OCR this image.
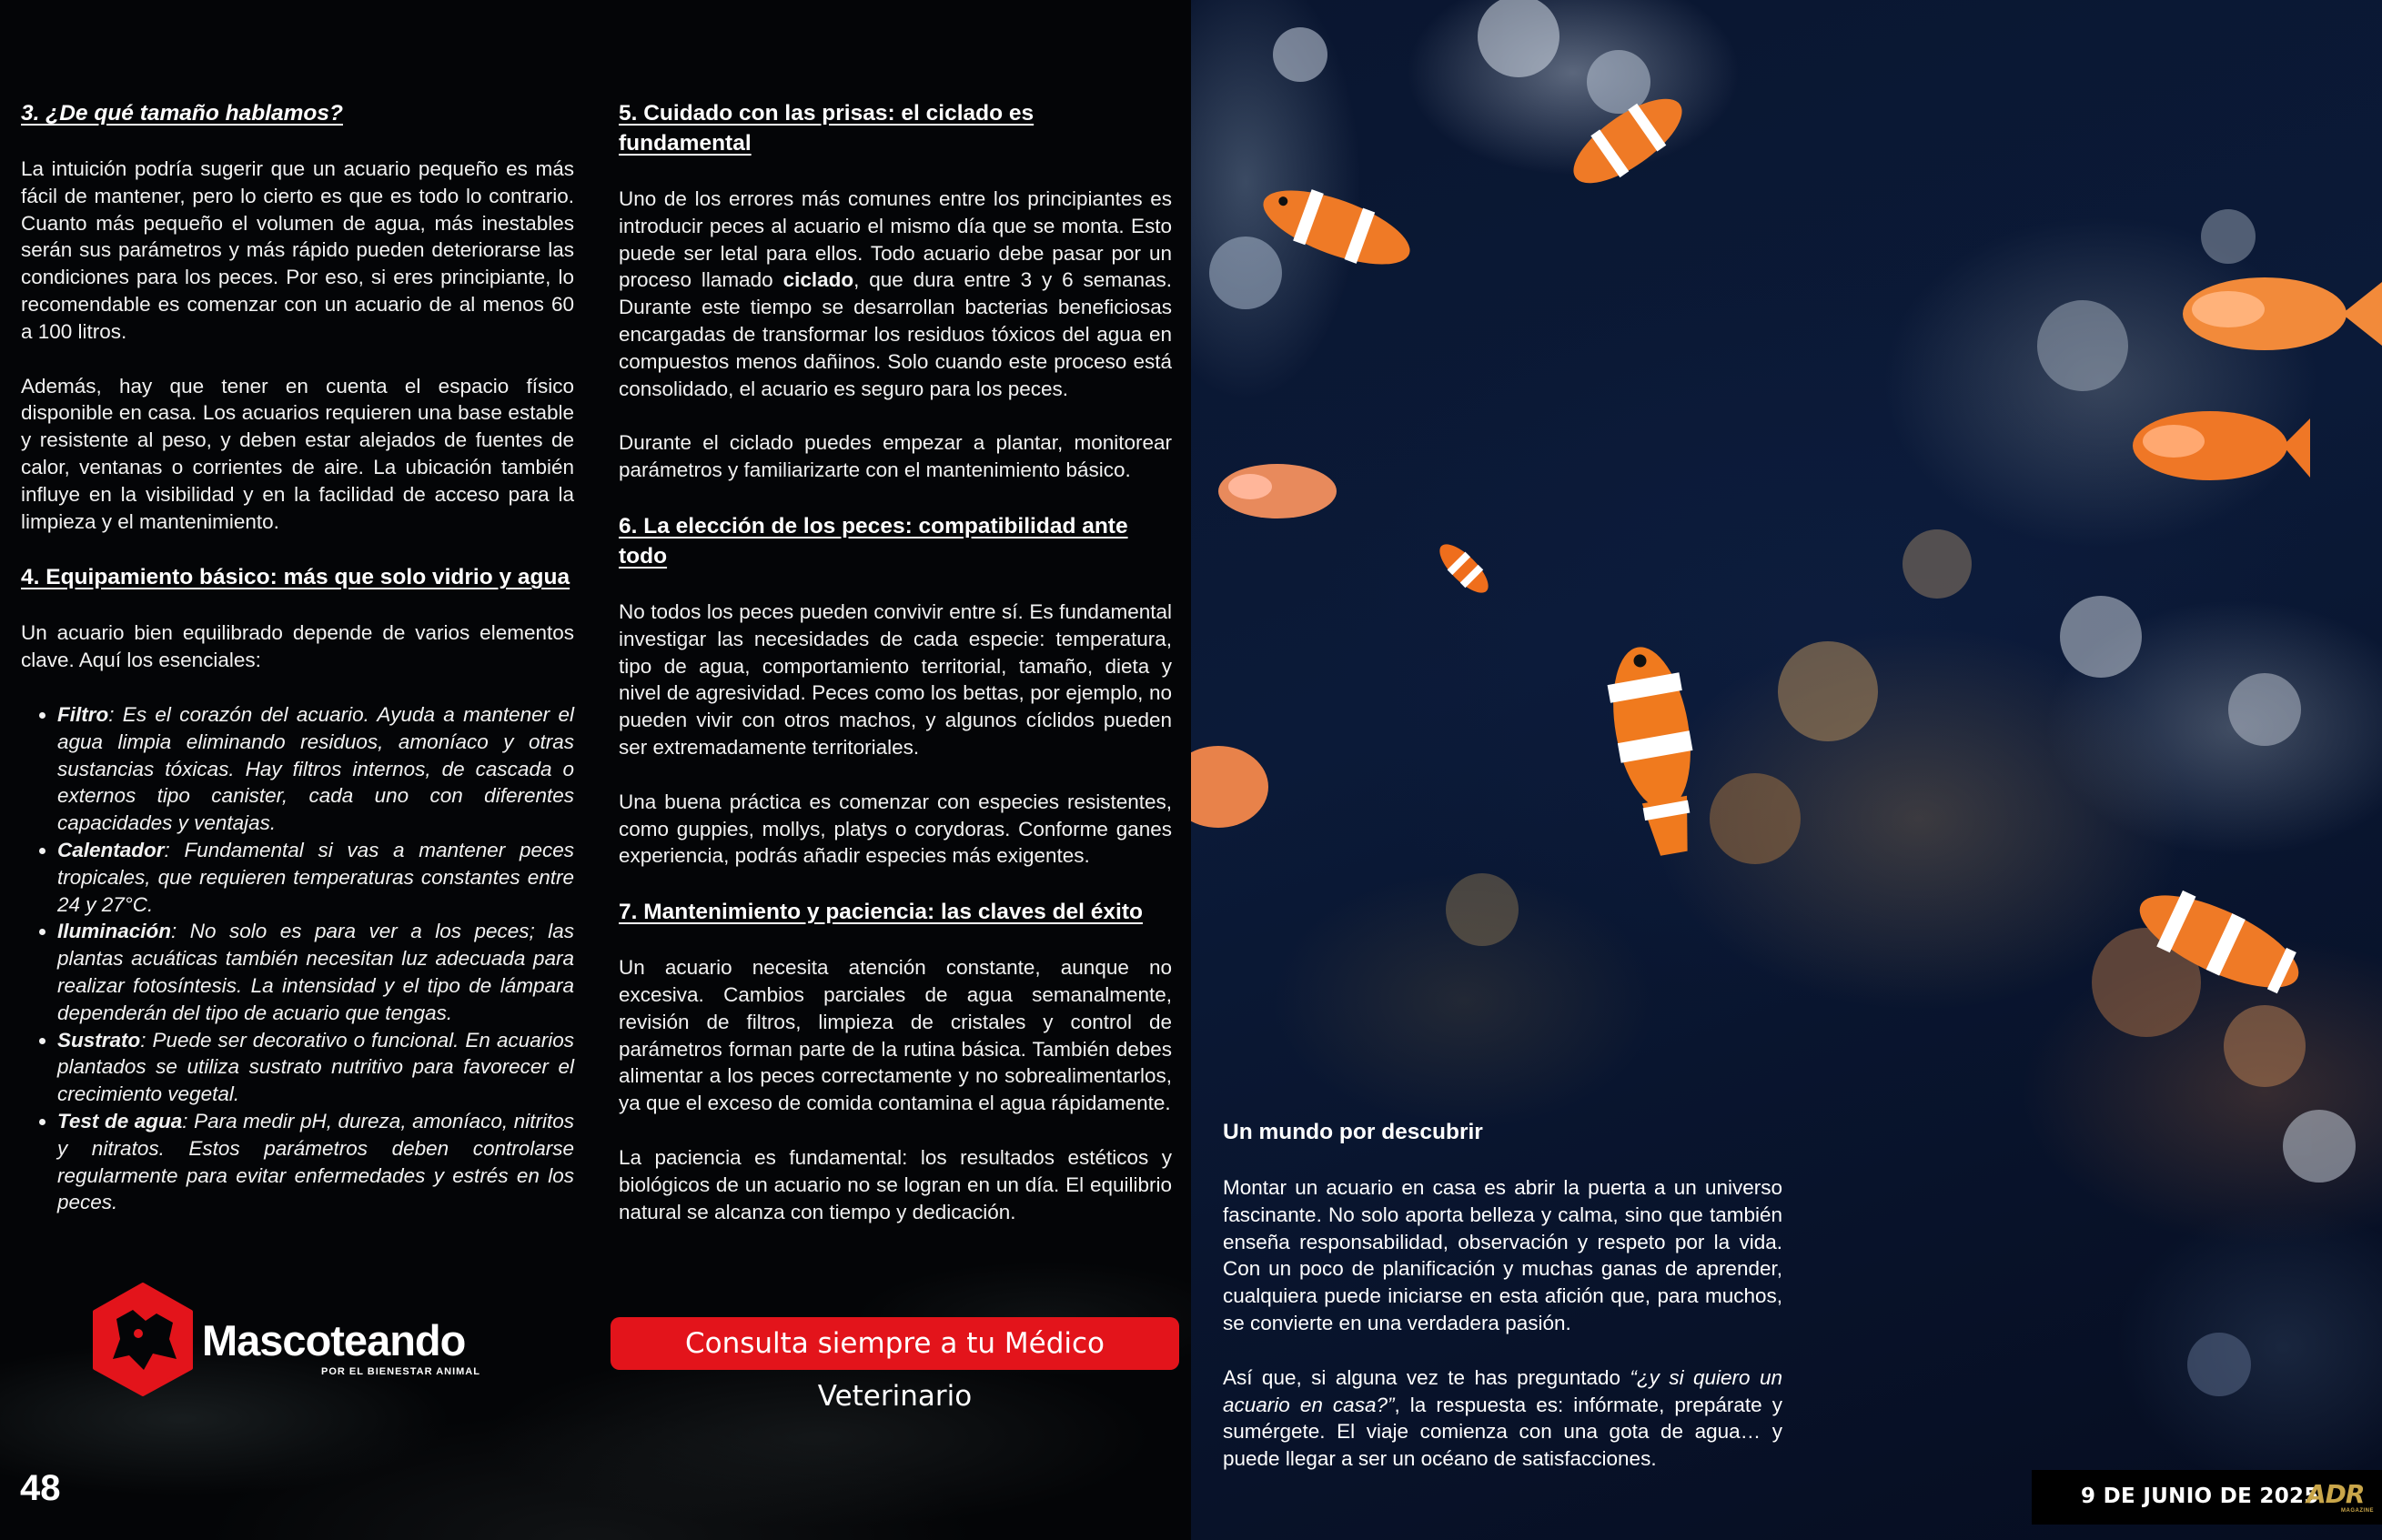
3. ¿De qué tamaño hablamos?

La intuición podría sugerir que un acuario pequeño es más fácil de mantener, pero lo cierto es que es todo lo contrario. Cuanto más pequeño el volumen de agua, más inestables serán sus parámetros y más rápido pueden deteriorarse las condiciones para los peces. Por eso, si eres principiante, lo recomendable es comenzar con un acuario de al menos 60 a 100 litros.

Además, hay que tener en cuenta el espacio físico disponible en casa. Los acuarios requieren una base estable y resistente al peso, y deben estar alejados de fuentes de calor, ventanas o corrientes de aire. La ubicación también influye en la visibilidad y en la facilidad de acceso para la limpieza y el mantenimiento.

4. Equipamiento básico: más que solo vidrio y agua

Un acuario bien equilibrado depende de varios elementos clave. Aquí los esenciales:

• Filtro: Es el corazón del acuario. Ayuda a mantener el agua limpia eliminando residuos, amoníaco y otras sustancias tóxicas. Hay filtros internos, de cascada o externos tipo canister, cada uno con diferentes capacidades y ventajas.
• Calentador: Fundamental si vas a mantener peces tropicales, que requieren temperaturas constantes entre 24 y 27°C.
• Iluminación: No solo es para ver a los peces; las plantas acuáticas también necesitan luz adecuada para realizar fotosíntesis. La intensidad y el tipo de lámpara dependerán del tipo de acuario que tengas.
• Sustrato: Puede ser decorativo o funcional. En acuarios plantados se utiliza sustrato nutritivo para favorecer el crecimiento vegetal.
• Test de agua: Para medir pH, dureza, amoníaco, nitritos y nitratos. Estos parámetros deben controlarse regularmente para evitar enfermedades y estrés en los peces.
5. Cuidado con las prisas: el ciclado es fundamental

Uno de los errores más comunes entre los principiantes es introducir peces al acuario el mismo día que se monta. Esto puede ser letal para ellos. Todo acuario debe pasar por un proceso llamado ciclado, que dura entre 3 y 6 semanas. Durante este tiempo se desarrollan bacterias beneficiosas encargadas de transformar los residuos tóxicos del agua en compuestos menos dañinos. Solo cuando este proceso está consolidado, el acuario es seguro para los peces.

Durante el ciclado puedes empezar a plantar, monitorear parámetros y familiarizarte con el mantenimiento básico.

6. La elección de los peces: compatibilidad ante todo

No todos los peces pueden convivir entre sí. Es fundamental investigar las necesidades de cada especie: temperatura, tipo de agua, comportamiento territorial, tamaño, dieta y nivel de agresividad. Peces como los bettas, por ejemplo, no pueden vivir con otros machos, y algunos cíclidos pueden ser extremadamente territoriales.

Una buena práctica es comenzar con especies resistentes, como guppies, mollys, platys o corydoras. Conforme ganes experiencia, podrás añadir especies más exigentes.

7. Mantenimiento y paciencia: las claves del éxito

Un acuario necesita atención constante, aunque no excesiva. Cambios parciales de agua semanalmente, revisión de filtros, limpieza de cristales y control de parámetros forman parte de la rutina básica. También debes alimentar a los peces correctamente y no sobrealimentarlos, ya que el exceso de comida contamina el agua rápidamente.

La paciencia es fundamental: los resultados estéticos y biológicos de un acuario no se logran en un día. El equilibrio natural se alcanza con tiempo y dedicación.

Mascoteando
POR EL BIENESTAR ANIMAL
Consulta siempre a tu Médico Veterinario
48
Un mundo por descubrir

Montar un acuario en casa es abrir la puerta a un universo fascinante. No solo aporta belleza y calma, sino que también enseña responsabilidad, observación y respeto por la vida. Con un poco de planificación y muchas ganas de aprender, cualquiera puede iniciarse en esta afición que, para muchos, se convierte en una verdadera pasión.

Así que, si alguna vez te has preguntado “¿y si quiero un acuario en casa?”, la respuesta es: infórmate, prepárate y sumérgete. El viaje comienza con una gota de agua… y puede llegar a ser un océano de satisfacciones.

9 DE JUNIO DE 2025
ADR
MAGAZINE
